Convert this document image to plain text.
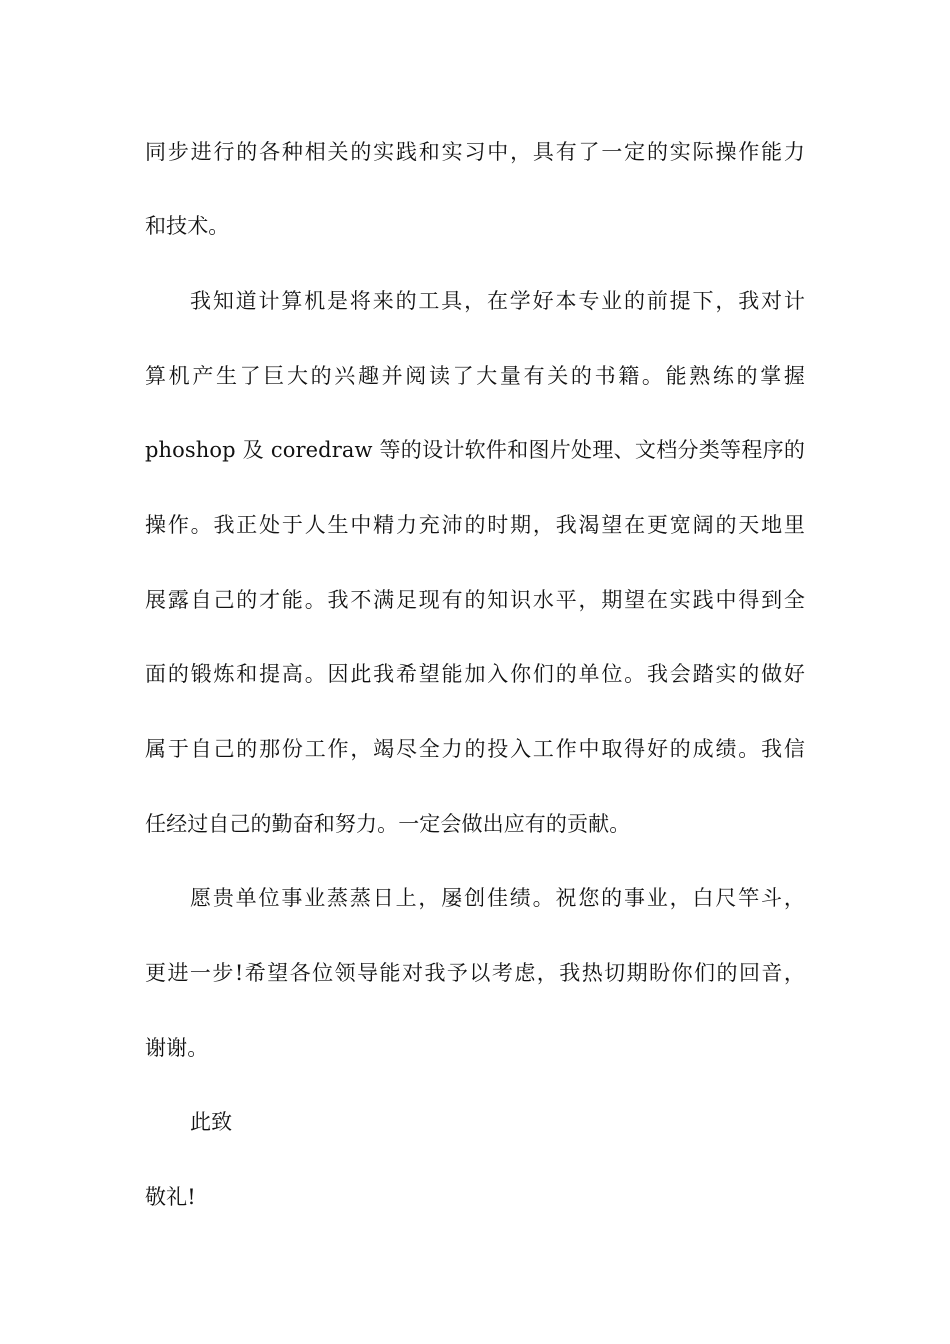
同步进行的各种相关的实践和实习中，具有了一定的实际操作能力
和技术。
我知道计算机是将来的工具，在学好本专业的前提下，我对计
算机产生了巨大的兴趣并阅读了大量有关的书籍。能熟练的掌握
phoshop 及 coredraw 等的设计软件和图片处理、文档分类等程序的
操作。我正处于人生中精力充沛的时期，我渴望在更宽阔的天地里
展露自己的才能。我不满足现有的知识水平，期望在实践中得到全
面的锻炼和提高。因此我希望能加入你们的单位。我会踏实的做好
属于自己的那份工作，竭尽全力的投入工作中取得好的成绩。我信
任经过自己的勤奋和努力。一定会做出应有的贡献。
愿贵单位事业蒸蒸日上，屡创佳绩。祝您的事业，白尺竿斗，
更进一步!希望各位领导能对我予以考虑，我热切期盼你们的回音，
谢谢。
此致
敬礼!
